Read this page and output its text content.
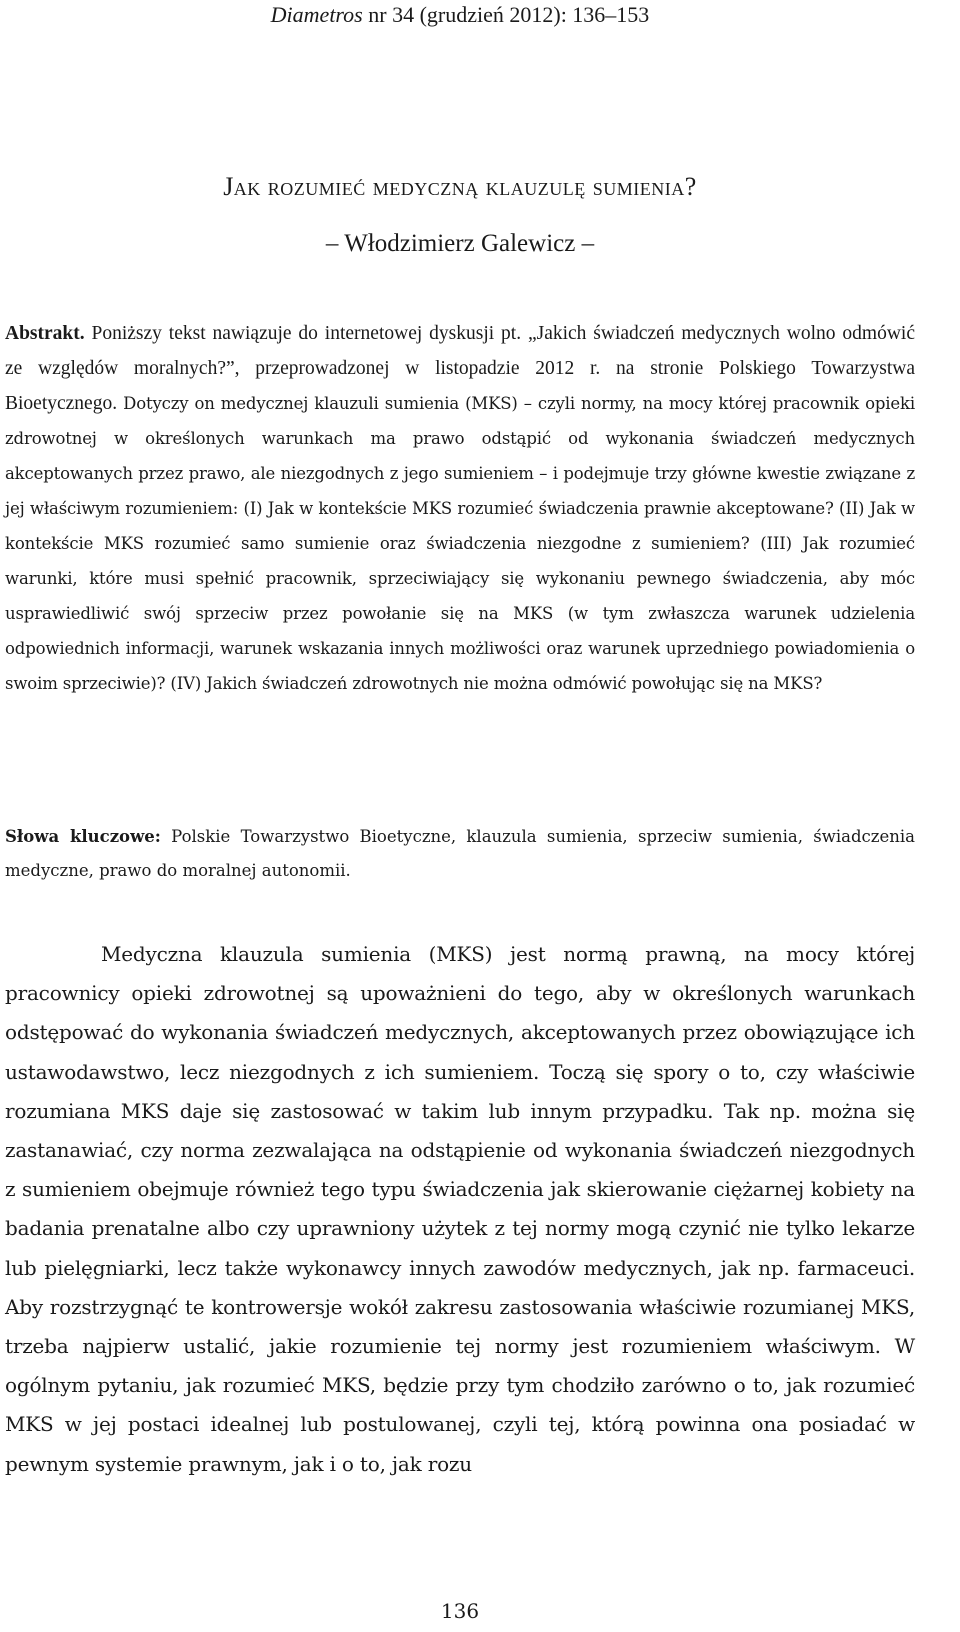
Diametros nr 34 (grudzień 2012): 136–153
Jak rozumieć medyczną klauzulę sumienia?
– Włodzimierz Galewicz –

Abstrakt. Poniższy tekst nawiązuje do internetowej dyskusji pt. „Jakich świadczeń medycznych wolno odmówić ze względów moralnych?”, przeprowadzonej w listopadzie 2012 r. na stronie Polskiego Towarzystwa Bioetycznego. Dotyczy on medycznej klauzuli sumienia (MKS) – czyli normy, na mocy której pracownik opieki zdrowotnej w określonych warunkach ma prawo odstąpić od wykonania świadczeń medycznych akceptowanych przez prawo, ale niezgodnych z jego sumieniem – i podejmuje trzy główne kwestie związane z jej właściwym rozumieniem: (I) Jak w kontekście MKS rozumieć świadczenia prawnie akceptowane? (II) Jak w kontekście MKS rozumieć samo sumienie oraz świadczenia niezgodne z sumieniem? (III) Jak rozumieć warunki, które musi spełnić pracownik, sprzeciwiający się wykonaniu pewnego świadczenia, aby móc usprawiedliwić swój sprzeciw przez powołanie się na MKS (w tym zwłaszcza warunek udzielenia odpowiednich informacji, warunek wskazania innych możliwości oraz warunek uprzedniego powiadomienia o swoim sprzeciwie)? (IV) Jakich świadczeń zdrowotnych nie można odmówić powołując się na MKS?

Słowa kluczowe: Polskie Towarzystwo Bioetyczne, klauzula sumienia, sprzeciw sumienia, świadczenia medyczne, prawo do moralnej autonomii.

Medyczna klauzula sumienia (MKS) jest normą prawną, na mocy której pracownicy opieki zdrowotnej są upoważnieni do tego, aby w określonych warunkach odstępować do wykonania świadczeń medycznych, akceptowanych przez obowiązujące ich ustawodawstwo, lecz niezgodnych z ich sumieniem. Toczą się spory o to, czy właściwie rozumiana MKS daje się zastosować w takim lub innym przypadku. Tak np. można się zastanawiać, czy norma zezwalająca na odstąpienie od wykonania świadczeń niezgodnych z sumieniem obejmuje również tego typu świadczenia jak skierowanie ciężarnej kobiety na badania prenatalne albo czy uprawniony użytek z tej normy mogą czynić nie tylko lekarze lub pielęgniarki, lecz także wykonawcy innych zawodów medycznych, jak np. farmaceuci. Aby rozstrzygnąć te kontrowersje wokół zakresu zastosowania właściwie rozumianej MKS, trzeba najpierw ustalić, jakie rozumienie tej normy jest rozumieniem właściwym. W ogólnym pytaniu, jak rozumieć MKS, będzie przy tym chodziło zarówno o to, jak rozumieć MKS w jej postaci idealnej lub postulowanej, czyli tej, którą powinna ona posiadać w pewnym systemie prawnym, jak i o to, jak rozu

136
